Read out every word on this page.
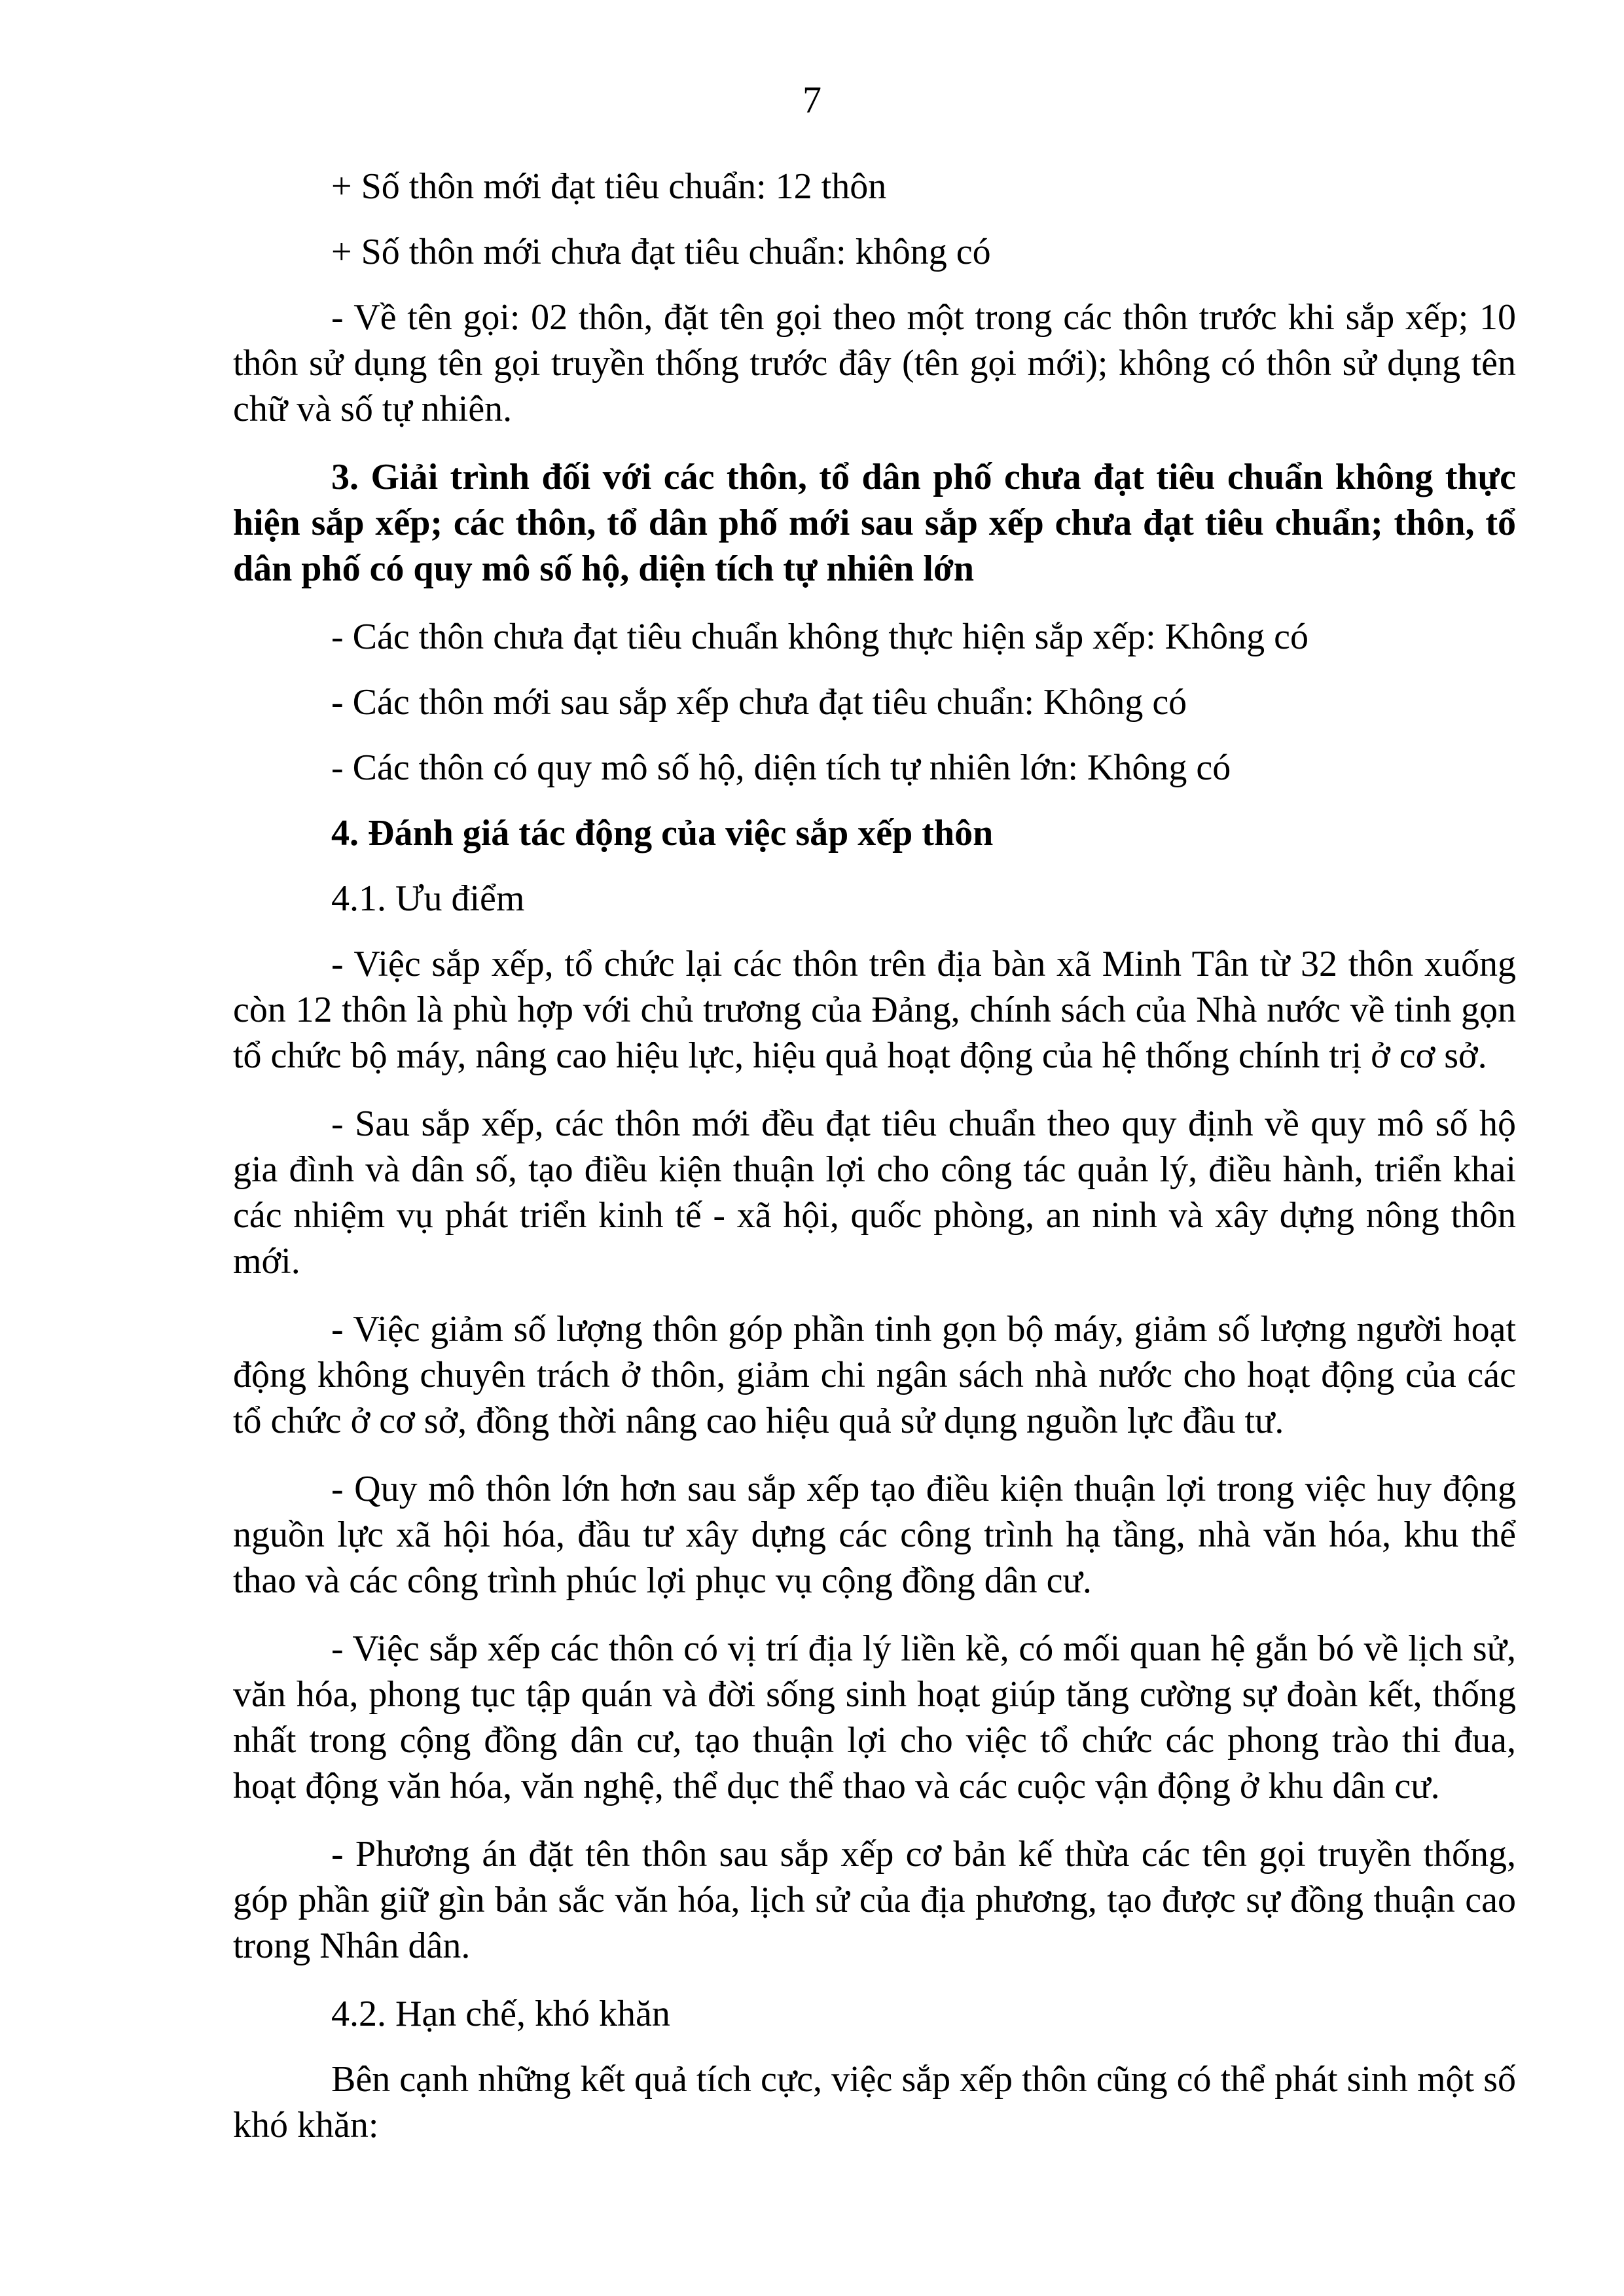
7

+ Số thôn mới đạt tiêu chuẩn: 12 thôn

+ Số thôn mới chưa đạt tiêu chuẩn: không có

- Về tên gọi: 02 thôn, đặt tên gọi theo một trong các thôn trước khi sắp xếp; 10 thôn sử dụng tên gọi truyền thống trước đây (tên gọi mới); không có thôn sử dụng tên chữ và số tự nhiên.

3. Giải trình đối với các thôn, tổ dân phố chưa đạt tiêu chuẩn không thực hiện sắp xếp; các thôn, tổ dân phố mới sau sắp xếp chưa đạt tiêu chuẩn; thôn, tổ dân phố có quy mô số hộ, diện tích tự nhiên lớn

- Các thôn chưa đạt tiêu chuẩn không thực hiện sắp xếp: Không có

- Các thôn mới sau sắp xếp chưa đạt tiêu chuẩn: Không có

- Các thôn có quy mô số hộ, diện tích tự nhiên lớn: Không có

4. Đánh giá tác động của việc sắp xếp thôn

4.1. Ưu điểm

- Việc sắp xếp, tổ chức lại các thôn trên địa bàn xã Minh Tân từ 32 thôn xuống còn 12 thôn là phù hợp với chủ trương của Đảng, chính sách của Nhà nước về tinh gọn tổ chức bộ máy, nâng cao hiệu lực, hiệu quả hoạt động của hệ thống chính trị ở cơ sở.

- Sau sắp xếp, các thôn mới đều đạt tiêu chuẩn theo quy định về quy mô số hộ gia đình và dân số, tạo điều kiện thuận lợi cho công tác quản lý, điều hành, triển khai các nhiệm vụ phát triển kinh tế - xã hội, quốc phòng, an ninh và xây dựng nông thôn mới.

- Việc giảm số lượng thôn góp phần tinh gọn bộ máy, giảm số lượng người hoạt động không chuyên trách ở thôn, giảm chi ngân sách nhà nước cho hoạt động của các tổ chức ở cơ sở, đồng thời nâng cao hiệu quả sử dụng nguồn lực đầu tư.

- Quy mô thôn lớn hơn sau sắp xếp tạo điều kiện thuận lợi trong việc huy động nguồn lực xã hội hóa, đầu tư xây dựng các công trình hạ tầng, nhà văn hóa, khu thể thao và các công trình phúc lợi phục vụ cộng đồng dân cư.

- Việc sắp xếp các thôn có vị trí địa lý liền kề, có mối quan hệ gắn bó về lịch sử, văn hóa, phong tục tập quán và đời sống sinh hoạt giúp tăng cường sự đoàn kết, thống nhất trong cộng đồng dân cư, tạo thuận lợi cho việc tổ chức các phong trào thi đua, hoạt động văn hóa, văn nghệ, thể dục thể thao và các cuộc vận động ở khu dân cư.

- Phương án đặt tên thôn sau sắp xếp cơ bản kế thừa các tên gọi truyền thống, góp phần giữ gìn bản sắc văn hóa, lịch sử của địa phương, tạo được sự đồng thuận cao trong Nhân dân.

4.2. Hạn chế, khó khăn

Bên cạnh những kết quả tích cực, việc sắp xếp thôn cũng có thể phát sinh một số khó khăn:
